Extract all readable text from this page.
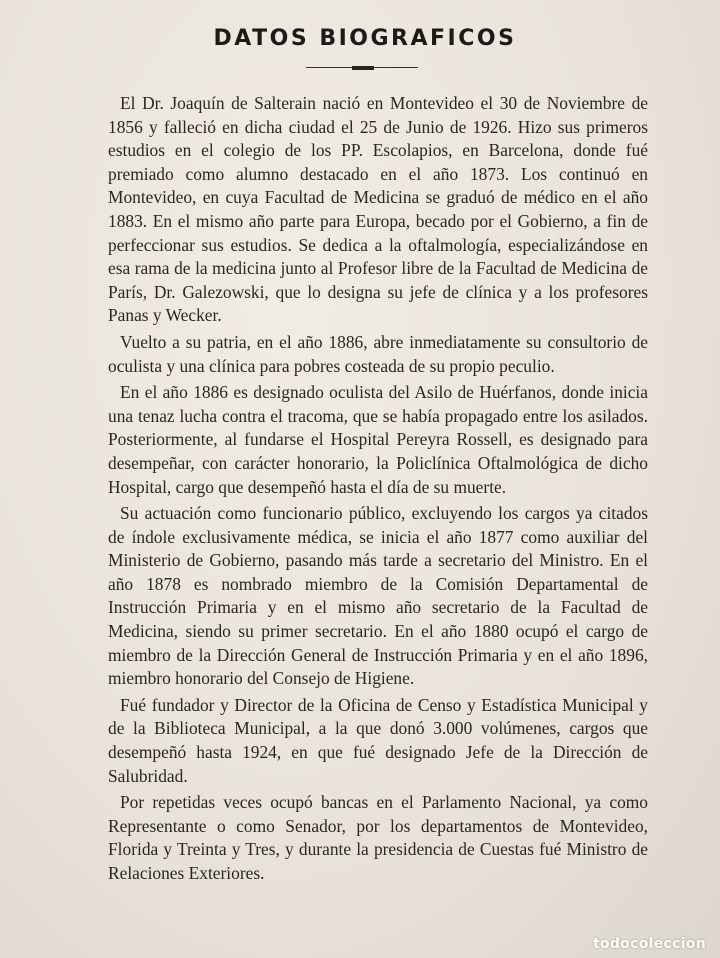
DATOS BIOGRAFICOS

El Dr. Joaquín de Salterain nació en Montevideo el 30 de Noviembre de 1856 y falleció en dicha ciudad el 25 de Junio de 1926. Hizo sus primeros estudios en el colegio de los PP. Escolapios, en Barcelona, donde fué premiado como alumno destacado en el año 1873. Los continuó en Montevideo, en cuya Facultad de Medicina se graduó de médico en el año 1883. En el mismo año parte para Europa, becado por el Gobierno, a fin de perfeccionar sus estudios. Se dedica a la oftalmología, especializándose en esa rama de la medicina junto al Profesor libre de la Facultad de Medicina de París, Dr. Galezowski, que lo designa su jefe de clínica y a los profesores Panas y Wecker.

Vuelto a su patria, en el año 1886, abre inmediatamente su consultorio de oculista y una clínica para pobres costeada de su propio peculio.

En el año 1886 es designado oculista del Asilo de Huérfanos, donde inicia una tenaz lucha contra el tracoma, que se había propagado entre los asilados. Posteriormente, al fundarse el Hospital Pereyra Rossell, es designado para desempeñar, con carácter honorario, la Policlínica Oftalmológica de dicho Hospital, cargo que desempeñó hasta el día de su muerte.

Su actuación como funcionario público, excluyendo los cargos ya citados de índole exclusivamente médica, se inicia el año 1877 como auxiliar del Ministerio de Gobierno, pasando más tarde a secretario del Ministro. En el año 1878 es nombrado miembro de la Comisión Departamental de Instrucción Primaria y en el mismo año secretario de la Facultad de Medicina, siendo su primer secretario. En el año 1880 ocupó el cargo de miembro de la Dirección General de Instrucción Primaria y en el año 1896, miembro honorario del Consejo de Higiene.

Fué fundador y Director de la Oficina de Censo y Estadística Municipal y de la Biblioteca Municipal, a la que donó 3.000 volúmenes, cargos que desempeñó hasta 1924, en que fué designado Jefe de la Dirección de Salubridad.

Por repetidas veces ocupó bancas en el Parlamento Nacional, ya como Representante o como Senador, por los departamentos de Montevideo, Florida y Treinta y Tres, y durante la presidencia de Cuestas fué Ministro de Relaciones Exteriores.

todocoleccion
